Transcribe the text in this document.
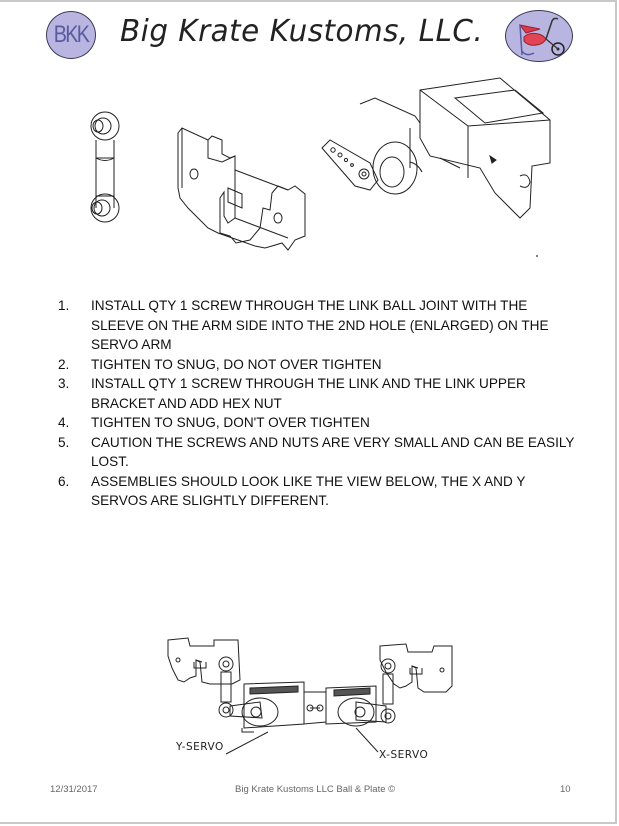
BKK Big Krate Kustoms, LLC.
1. INSTALL QTY 1 SCREW THROUGH THE LINK BALL JOINT WITH THE SLEEVE ON THE ARM SIDE INTO THE 2ND HOLE (ENLARGED) ON THE SERVO ARM
2. TIGHTEN TO SNUG, DO NOT OVER TIGHTEN
3. INSTALL QTY 1 SCREW THROUGH THE LINK AND THE LINK UPPER BRACKET AND ADD HEX NUT
4. TIGHTEN TO SNUG, DON'T OVER TIGHTEN
5. CAUTION THE SCREWS AND NUTS ARE VERY SMALL AND CAN BE EASILY LOST.
6. ASSEMBLIES SHOULD LOOK LIKE THE VIEW BELOW, THE X AND Y SERVOS ARE SLIGHTLY DIFFERENT.
Y-SERVO
X-SERVO
12/31/2017	Big Krate Kustoms LLC Ball & Plate ©	10
